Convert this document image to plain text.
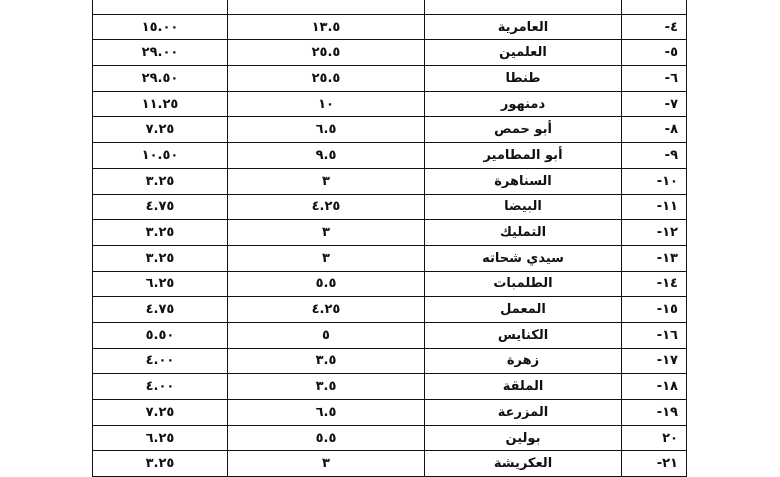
٤-	العامرية	١٣.٥	١٥.٠٠
٥-	العلمين	٢٥.٥	٢٩.٠٠
٦-	طنطا	٢٥.٥	٢٩.٥٠
٧-	دمنهور	١٠	١١.٢٥
٨-	أبو حمص	٦.٥	٧.٢٥
٩-	أبو المطامير	٩.٥	١٠.٥٠
١٠-	السناهرة	٣	٣.٢٥
١١-	البيضا	٤.٢٥	٤.٧٥
١٢-	التمليك	٣	٣.٢٥
١٣-	سيدي شحاته	٣	٣.٢٥
١٤-	الطلمبات	٥.٥	٦.٢٥
١٥-	المعمل	٤.٢٥	٤.٧٥
١٦-	الكنايس	٥	٥.٥٠
١٧-	زهرة	٣.٥	٤.٠٠
١٨-	الملقة	٣.٥	٤.٠٠
١٩-	المزرعة	٦.٥	٧.٢٥
٢٠	بولين	٥.٥	٦.٢٥
٢١-	العكريشة	٣	٣.٢٥
